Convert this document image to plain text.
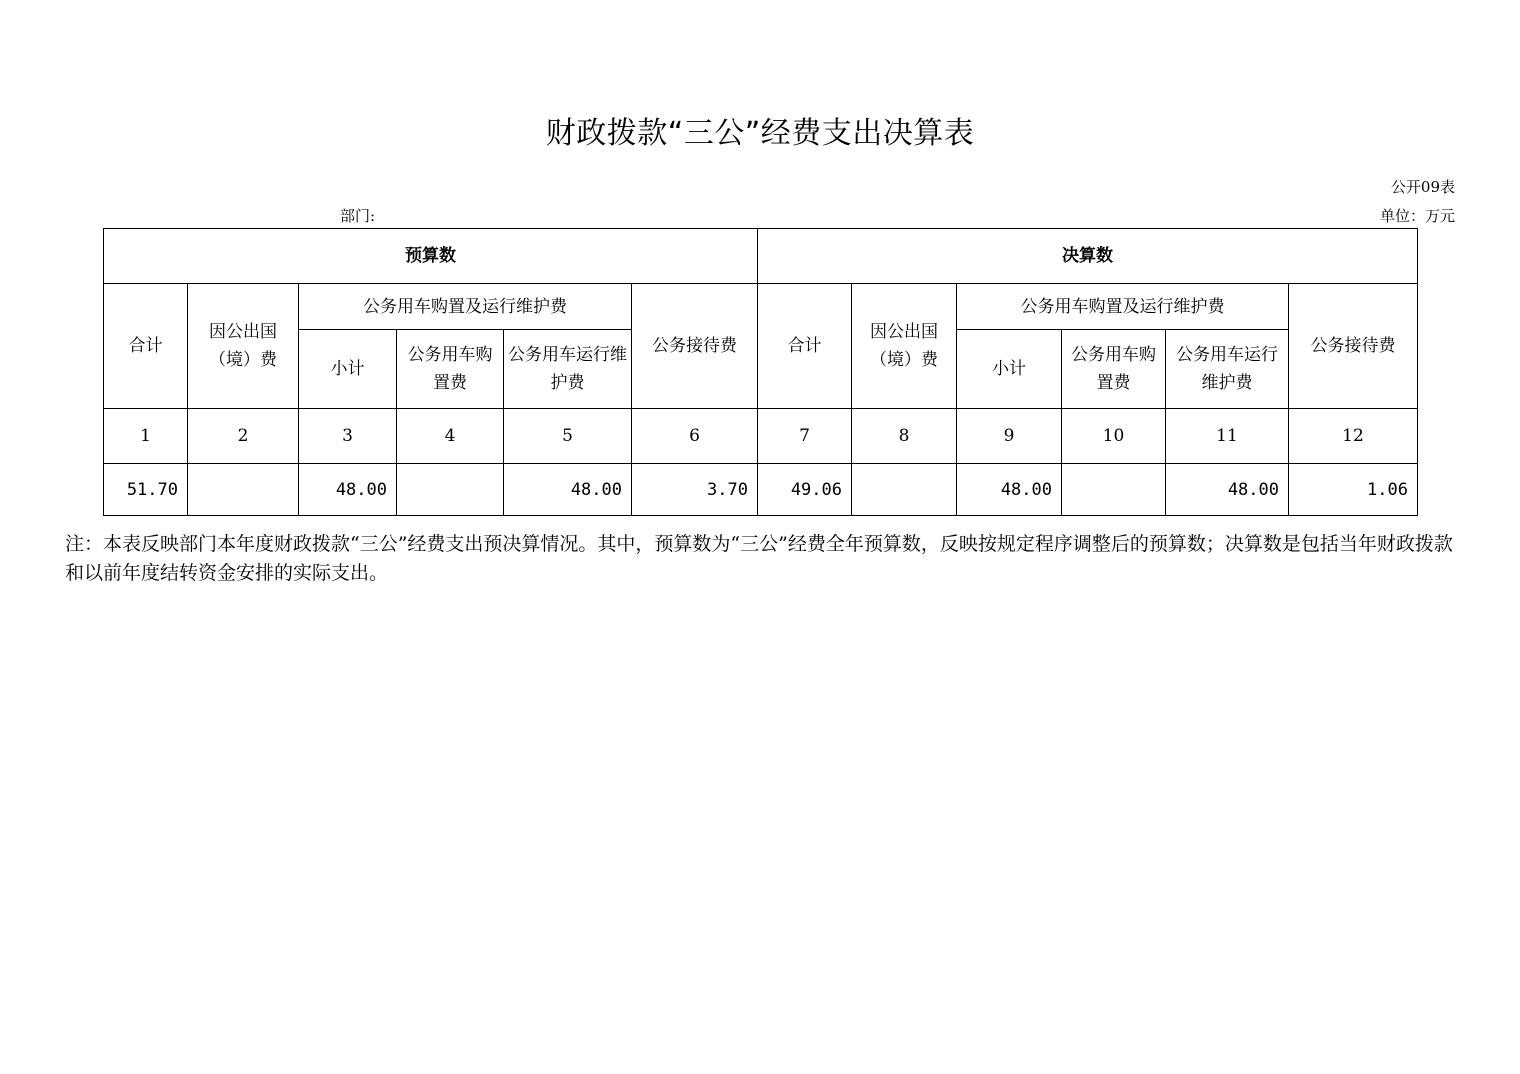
财政拨款“三公”经费支出决算表
公开09表
部门:	单位：万元
预算数						决算数					
合计	因公出国（境）费	公务用车购置及运行维护费			公务接待费	合计	因公出国（境）费	公务用车购置及运行维护费			公务接待费
		小计	公务用车购置费	公务用车运行维护费				小计	公务用车购置费	公务用车运行维护费	
1	2	3	4	5	6	7	8	9	10	11	12
51.70		48.00		48.00	3.70	49.06		48.00		48.00	1.06
注：本表反映部门本年度财政拨款“三公”经费支出预决算情况。其中，预算数为“三公”经费全年预算数，反映按规定程序调整后的预算数；决算数是包括当年财政拨款和以前年度结转资金安排的实际支出。
